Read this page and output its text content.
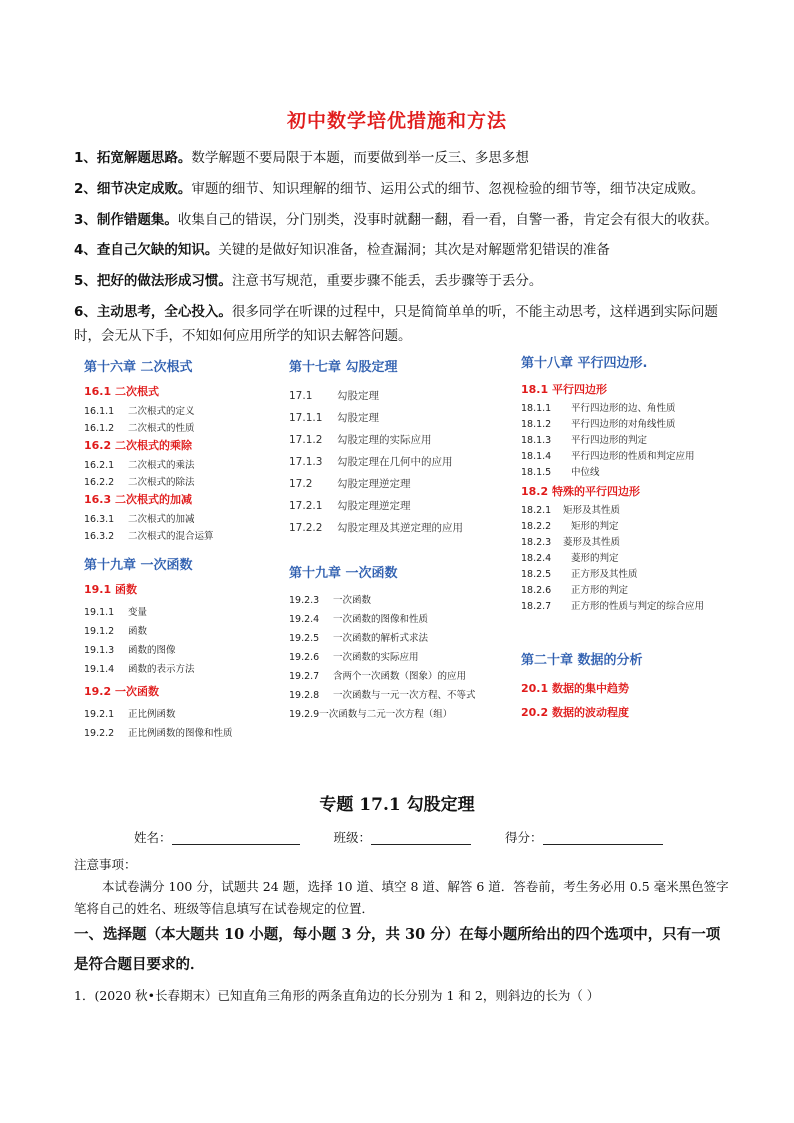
初中数学培优措施和方法
1、拓宽解题思路。数学解题不要局限于本题，而要做到举一反三、多思多想
2、细节决定成败。审题的细节、知识理解的细节、运用公式的细节、忽视检验的细节等，细节决定成败。
3、制作错题集。收集自己的错误，分门别类，没事时就翻一翻，看一看，自警一番，肯定会有很大的收获。
4、查自己欠缺的知识。关键的是做好知识准备，检查漏洞；其次是对解题常犯错误的准备
5、把好的做法形成习惯。注意书写规范，重要步骤不能丢，丢步骤等于丢分。
6、主动思考，全心投入。很多同学在听课的过程中，只是简简单单的听，不能主动思考，这样遇到实际问题时，会无从下手，不知如何应用所学的知识去解答问题。
第十六章 二次根式
16.1 二次根式
16.1.1 二次根式的定义
16.1.2 二次根式的性质
16.2 二次根式的乘除
16.2.1 二次根式的乘法
16.2.2 二次根式的除法
16.3 二次根式的加减
16.3.1 二次根式的加减
16.3.2 二次根式的混合运算
第十九章 一次函数
19.1 函数
19.1.1 变量
19.1.2 函数
19.1.3 函数的图像
19.1.4 函数的表示方法
19.2 一次函数
19.2.1 正比例函数
19.2.2 正比例函数的图像和性质
第十七章 勾股定理
17.1 勾股定理
17.1.1 勾股定理
17.1.2 勾股定理的实际应用
17.1.3 勾股定理在几何中的应用
17.2 勾股定理逆定理
17.2.1 勾股定理逆定理
17.2.2 勾股定理及其逆定理的应用
第十九章 一次函数
19.2.3 一次函数
19.2.4 一次函数的图像和性质
19.2.5 一次函数的解析式求法
19.2.6 一次函数的实际应用
19.2.7 含两个一次函数（图象）的应用
19.2.8 一次函数与一元一次方程、不等式
19.2.9一次函数与二元一次方程（组）
第十八章 平行四边形.
18.1 平行四边形
18.1.1 平行四边形的边、角性质
18.1.2 平行四边形的对角线性质
18.1.3 平行四边形的判定
18.1.4 平行四边形的性质和判定应用
18.1.5 中位线
18.2 特殊的平行四边形
18.2.1 矩形及其性质
18.2.2 矩形的判定
18.2.3 菱形及其性质
18.2.4 菱形的判定
18.2.5 正方形及其性质
18.2.6 正方形的判定
18.2.7 正方形的性质与判定的综合应用
第二十章 数据的分析
20.1 数据的集中趋势
20.2 数据的波动程度
专题 17.1 勾股定理
姓名：	班级：	得分：
注意事项：
本试卷满分 100 分，试题共 24 题，选择 10 道、填空 8 道、解答 6 道．答卷前，考生务必用 0.5 毫米黑色签字笔将自己的姓名、班级等信息填写在试卷规定的位置．
一、选择题（本大题共 10 小题，每小题 3 分，共 30 分）在每小题所给出的四个选项中，只有一项是符合题目要求的．
1．(2020 秋•长春期末）已知直角三角形的两条直角边的长分别为 1 和 2，则斜边的长为（ ）
